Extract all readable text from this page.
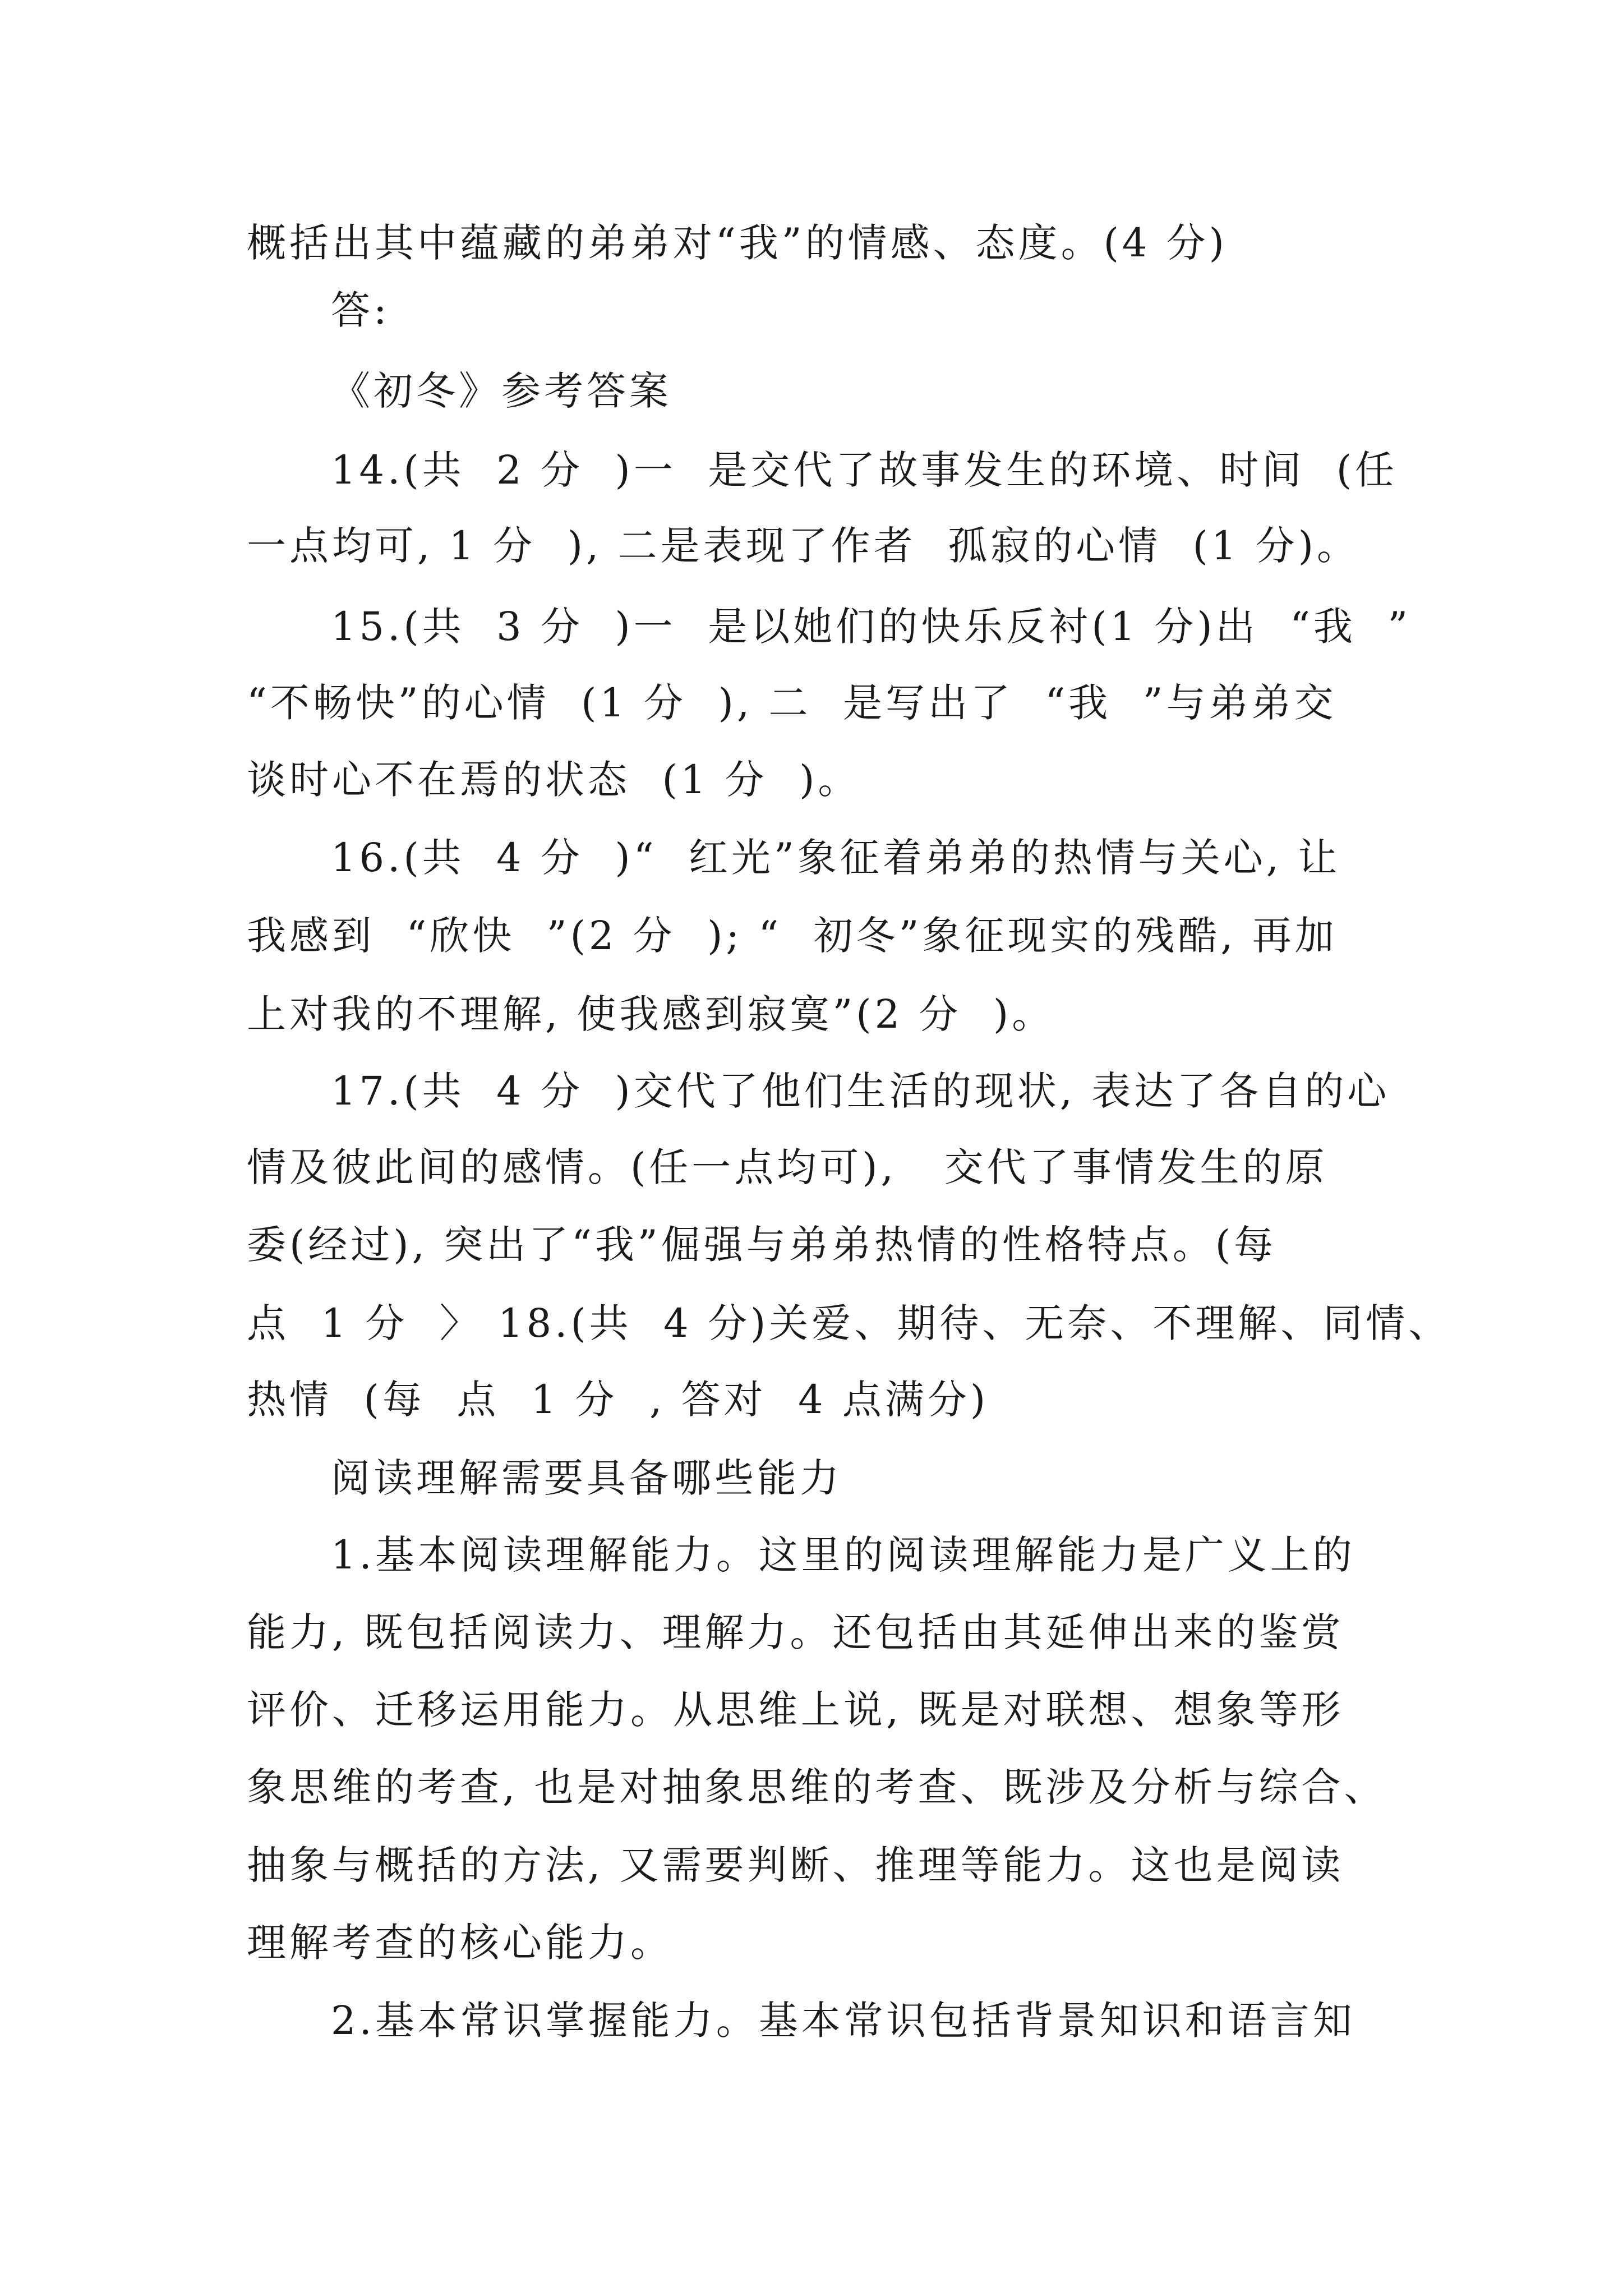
概括出其中蕴藏的弟弟对“我”的情感、态度。(4 分)
答:
《初冬》参考答案
14.(共  2 分  )一  是交代了故事发生的环境、时间  (任
一点均可, 1 分  ), 二是表现了作者  孤寂的心情  (1 分)。
15.(共  3 分  )一  是以她们的快乐反衬(1 分)出  “我  ”
“不畅快”的心情  (1 分  ), 二  是写出了  “我  ”与弟弟交
谈时心不在焉的状态  (1 分  )。
16.(共  4 分  )“  红光”象征着弟弟的热情与关心, 让
我感到  “欣快  ”(2 分  ); “  初冬”象征现实的残酷, 再加
上对我的不理解, 使我感到寂寞”(2 分  )。
17.(共  4 分  )交代了他们生活的现状, 表达了各自的心
情及彼此间的感情。(任一点均可),   交代了事情发生的原
委(经过), 突出了“我”倔强与弟弟热情的性格特点。(每
点  1 分  〉 18.(共  4 分)关爱、期待、无奈、不理解、同情、
热情  (每  点  1 分  , 答对  4 点满分)
阅读理解需要具备哪些能力
1.基本阅读理解能力。这里的阅读理解能力是广义上的
能力, 既包括阅读力、理解力。还包括由其延伸出来的鉴赏
评价、迁移运用能力。从思维上说, 既是对联想、想象等形
象思维的考查, 也是对抽象思维的考查、既涉及分析与综合、
抽象与概括的方法, 又需要判断、推理等能力。这也是阅读
理解考查的核心能力。
2.基本常识掌握能力。基本常识包括背景知识和语言知
